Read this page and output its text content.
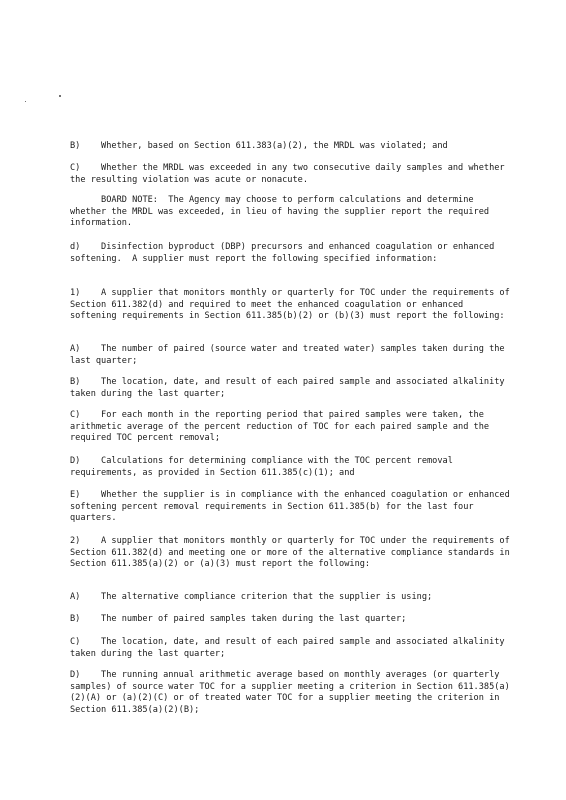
B)    Whether, based on Section 611.383(a)(2), the MRDL was violated; and

C)    Whether the MRDL was exceeded in any two consecutive daily samples and whether the resulting violation was acute or nonacute.

BOARD NOTE:  The Agency may choose to perform calculations and determine whether the MRDL was exceeded, in lieu of having the supplier report the required information.

d)    Disinfection byproduct (DBP) precursors and enhanced coagulation or enhanced softening.  A supplier must report the following specified information:

1)    A supplier that monitors monthly or quarterly for TOC under the requirements of Section 611.382(d) and required to meet the enhanced coagulation or enhanced softening requirements in Section 611.385(b)(2) or (b)(3) must report the following:

A)    The number of paired (source water and treated water) samples taken during the last quarter;

B)    The location, date, and result of each paired sample and associated alkalinity taken during the last quarter;

C)    For each month in the reporting period that paired samples were taken, the arithmetic average of the percent reduction of TOC for each paired sample and the required TOC percent removal;

D)    Calculations for determining compliance with the TOC percent removal requirements, as provided in Section 611.385(c)(1); and

E)    Whether the supplier is in compliance with the enhanced coagulation or enhanced softening percent removal requirements in Section 611.385(b) for the last four quarters.

2)    A supplier that monitors monthly or quarterly for TOC under the requirements of Section 611.382(d) and meeting one or more of the alternative compliance standards in Section 611.385(a)(2) or (a)(3) must report the following:

A)    The alternative compliance criterion that the supplier is using;

B)    The number of paired samples taken during the last quarter;

C)    The location, date, and result of each paired sample and associated alkalinity taken during the last quarter;

D)    The running annual arithmetic average based on monthly averages (or quarterly samples) of source water TOC for a supplier meeting a criterion in Section 611.385(a)(2)(A) or (a)(2)(C) or of treated water TOC for a supplier meeting the criterion in Section 611.385(a)(2)(B);
